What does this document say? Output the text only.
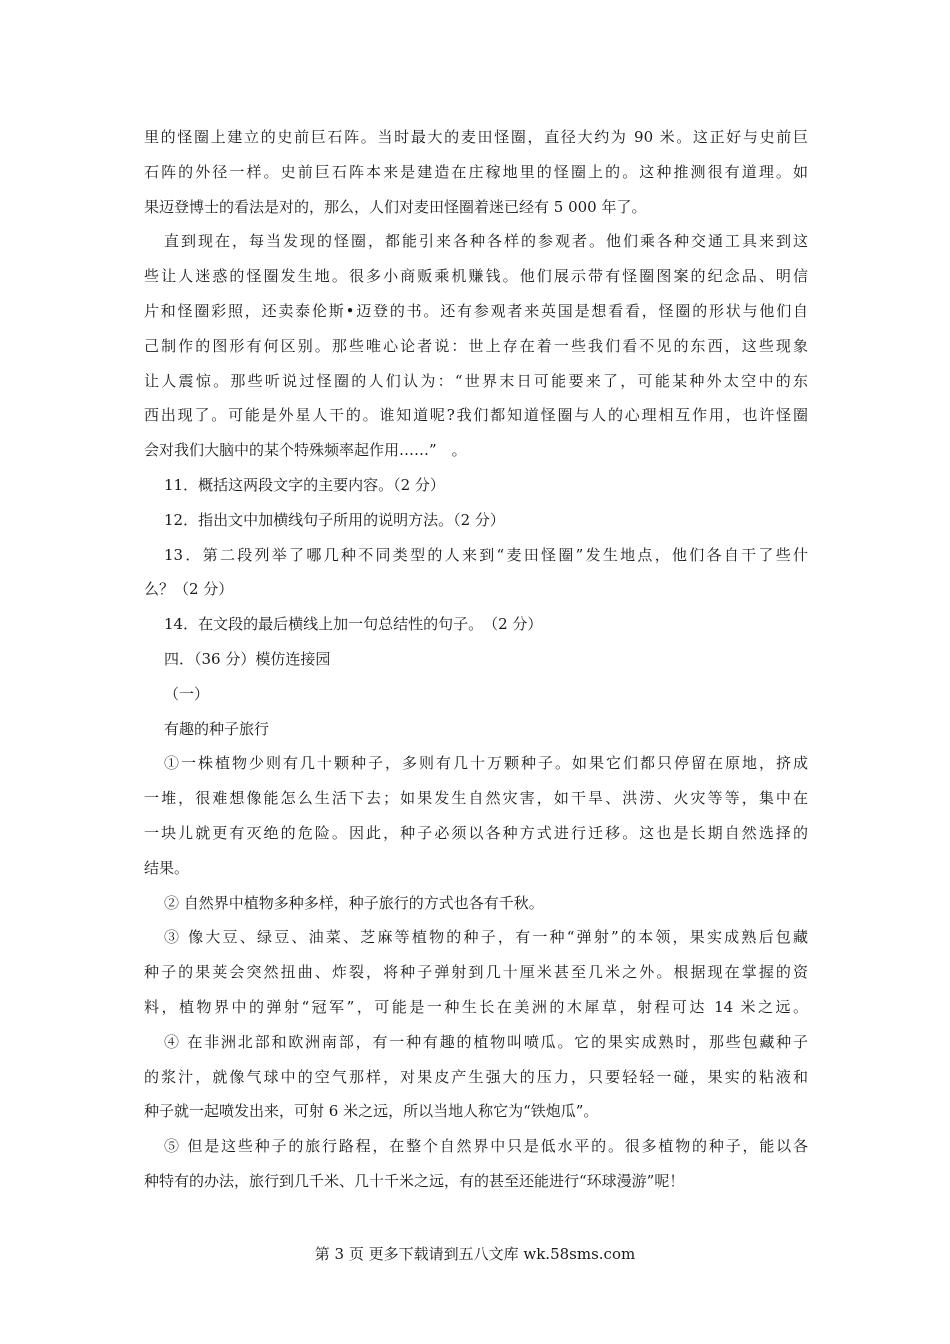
里的怪圈上建立的史前巨石阵。当时最大的麦田怪圈，直径大约为 90 米。这正好与史前巨
石阵的外径一样。史前巨石阵本来是建造在庄稼地里的怪圈上的。这种推测很有道理。如
果迈登博士的看法是对的，那么，人们对麦田怪圈着迷已经有 5 000 年了。
直到现在，每当发现的怪圈，都能引来各种各样的参观者。他们乘各种交通工具来到这
些让人迷惑的怪圈发生地。很多小商贩乘机赚钱。他们展示带有怪圈图案的纪念品、明信
片和怪圈彩照，还卖泰伦斯•迈登的书。还有参观者来英国是想看看，怪圈的形状与他们自
己制作的图形有何区别。那些唯心论者说：世上存在着一些我们看不见的东西，这些现象
让人震惊。那些听说过怪圈的人们认为：“世界末日可能要来了，可能某种外太空中的东
西出现了。可能是外星人干的。谁知道呢?我们都知道怪圈与人的心理相互作用，也许怪圈
会对我们大脑中的某个特殊频率起作用……”　。
11．概括这两段文字的主要内容。（2 分）
12．指出文中加横线句子所用的说明方法。（2 分）
13．第二段列举了哪几种不同类型的人来到“麦田怪圈”发生地点，他们各自干了些什
么？（2 分）
14．在文段的最后横线上加一句总结性的句子。　（2 分）
四．（36 分）模仿连接园
（一）
有趣的种子旅行
①一株植物少则有几十颗种子，多则有几十万颗种子。如果它们都只停留在原地，挤成
一堆，很难想像能怎么生活下去；如果发生自然灾害，如干旱、洪涝、火灾等等，集中在
一块儿就更有灭绝的危险。因此，种子必须以各种方式进行迁移。这也是长期自然选择的
结果。
② 自然界中植物多种多样，种子旅行的方式也各有千秋。
③ 像大豆、绿豆、油菜、芝麻等植物的种子，有一种“弹射”的本领，果实成熟后包藏
种子的果荚会突然扭曲、炸裂，将种子弹射到几十厘米甚至几米之外。根据现在掌握的资
料，植物界中的弹射“冠军”，可能是一种生长在美洲的木犀草，射程可达 14 米之远。
④ 在非洲北部和欧洲南部，有一种有趣的植物叫喷瓜。它的果实成熟时，那些包藏种子
的浆汁，就像气球中的空气那样，对果皮产生强大的压力，只要轻轻一碰，果实的粘液和
种子就一起喷发出来，可射 6 米之远，所以当地人称它为“铁炮瓜”。
⑤ 但是这些种子的旅行路程，在整个自然界中只是低水平的。很多植物的种子，能以各
种特有的办法，旅行到几千米、几十千米之远，有的甚至还能进行“环球漫游”呢！
第 3 页 更多下载请到五八文库 wk.58sms.com
